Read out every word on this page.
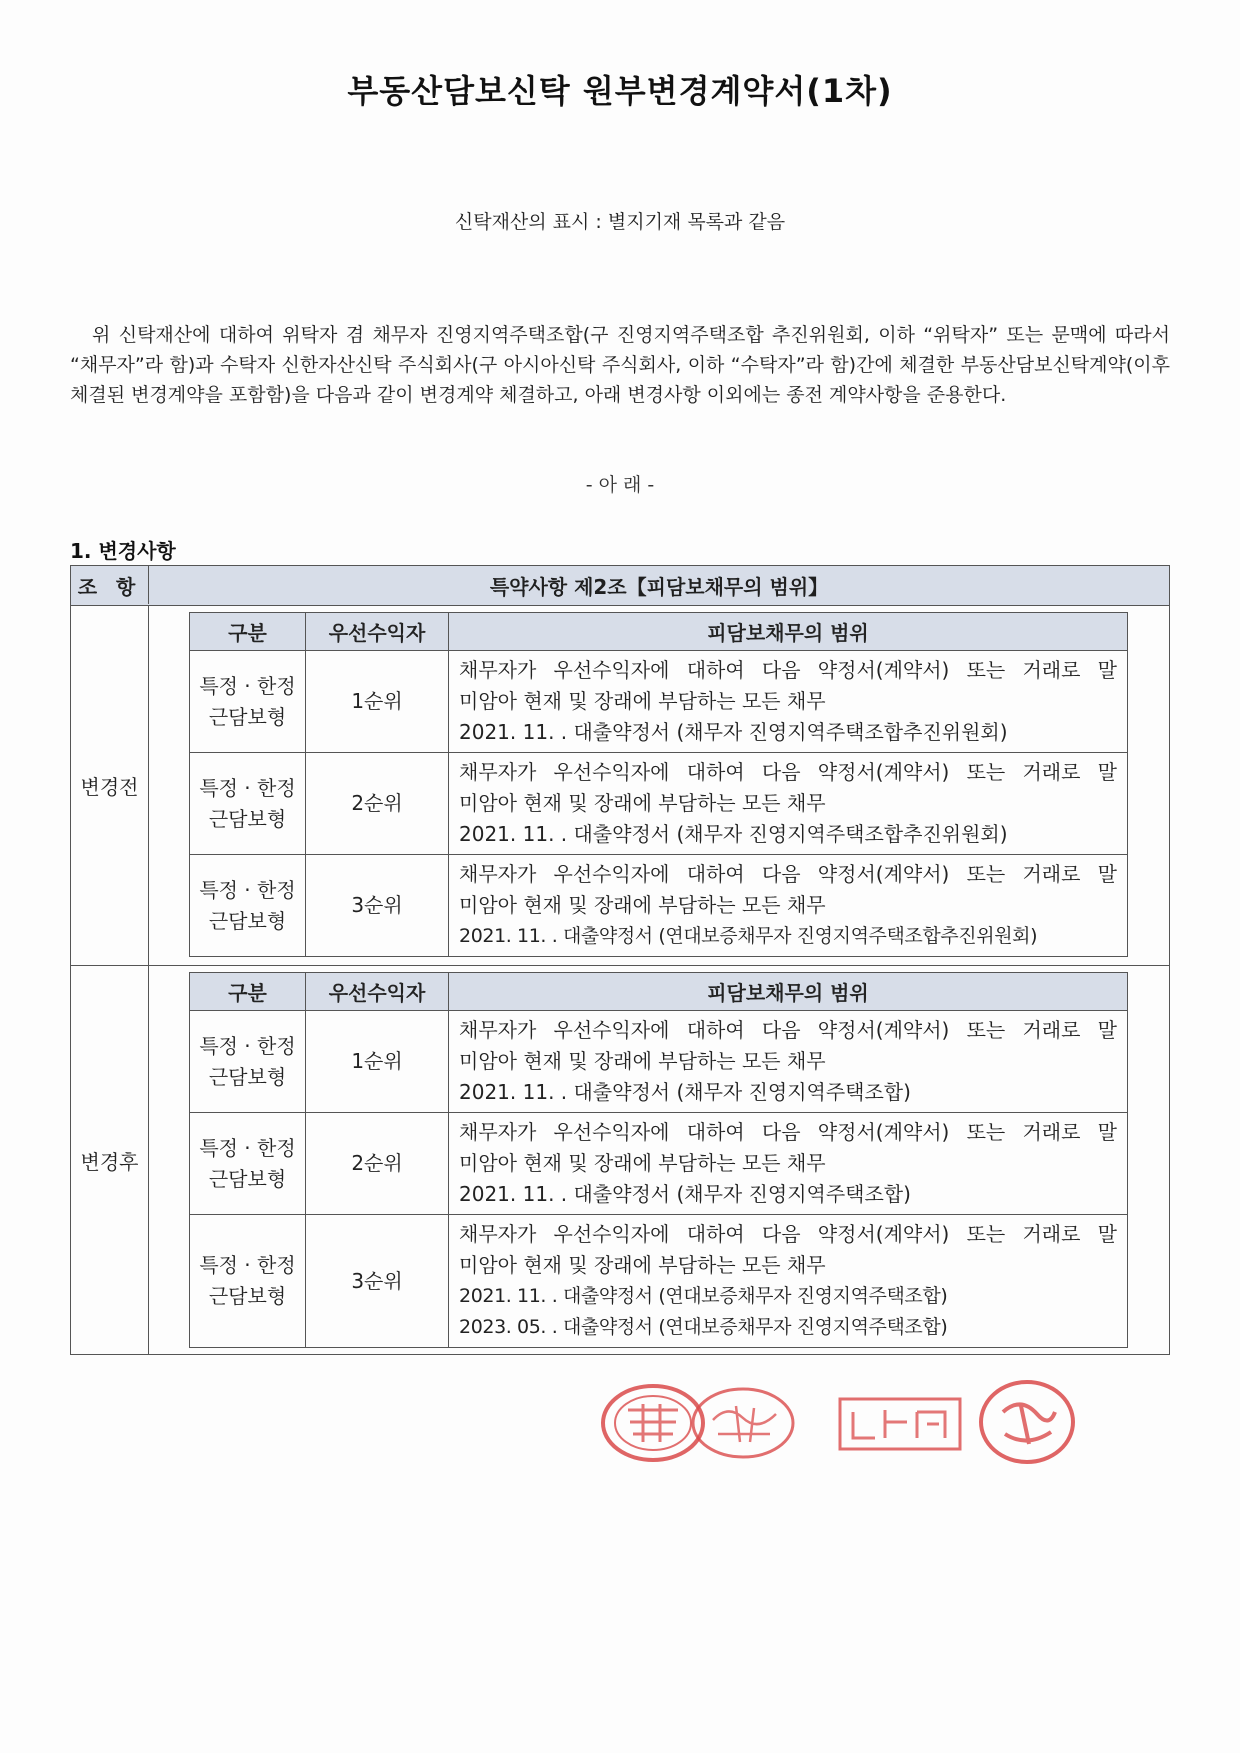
부동산담보신탁 원부변경계약서(1차)
신탁재산의 표시 : 별지기재 목록과 같음
위 신탁재산에 대하여 위탁자 겸 채무자 진영지역주택조합(구 진영지역주택조합 추진위원회, 이하 “위탁자” 또는 문맥에 따라서 “채무자”라 함)과 수탁자 신한자산신탁 주식회사(구 아시아신탁 주식회사, 이하 “수탁자”라 함)간에 체결한 부동산담보신탁계약(이후 체결된 변경계약을 포함함)을 다음과 같이 변경계약 체결하고, 아래 변경사항 이외에는 종전 계약사항을 준용한다.
- 아 래 -
1. 변경사항
조 항	특약사항 제2조【피담보채무의 범위】
변경전
구분	우선수익자	피담보채무의 범위
특정 · 한정
근담보형	1순위	채무자가 우선수익자에 대하여 다음 약정서(계약서) 또는 거래로 말
미암아 현재 및 장래에 부담하는 모든 채무
2021. 11. . 대출약정서 (채무자 진영지역주택조합추진위원회)

특정 · 한정
근담보형	2순위	채무자가 우선수익자에 대하여 다음 약정서(계약서) 또는 거래로 말
미암아 현재 및 장래에 부담하는 모든 채무
2021. 11. . 대출약정서 (채무자 진영지역주택조합추진위원회)

특정 · 한정
근담보형	3순위	채무자가 우선수익자에 대하여 다음 약정서(계약서) 또는 거래로 말
미암아 현재 및 장래에 부담하는 모든 채무
2021. 11. . 대출약정서 (연대보증채무자 진영지역주택조합추진위원회)
변경후
구분	우선수익자	피담보채무의 범위
특정 · 한정
근담보형	1순위	채무자가 우선수익자에 대하여 다음 약정서(계약서) 또는 거래로 말
미암아 현재 및 장래에 부담하는 모든 채무
2021. 11. . 대출약정서 (채무자 진영지역주택조합)

특정 · 한정
근담보형	2순위	채무자가 우선수익자에 대하여 다음 약정서(계약서) 또는 거래로 말
미암아 현재 및 장래에 부담하는 모든 채무
2021. 11. . 대출약정서 (채무자 진영지역주택조합)

특정 · 한정
근담보형	3순위	채무자가 우선수익자에 대하여 다음 약정서(계약서) 또는 거래로 말
미암아 현재 및 장래에 부담하는 모든 채무
2021. 11. . 대출약정서 (연대보증채무자 진영지역주택조합)
2023. 05. . 대출약정서 (연대보증채무자 진영지역주택조합)
